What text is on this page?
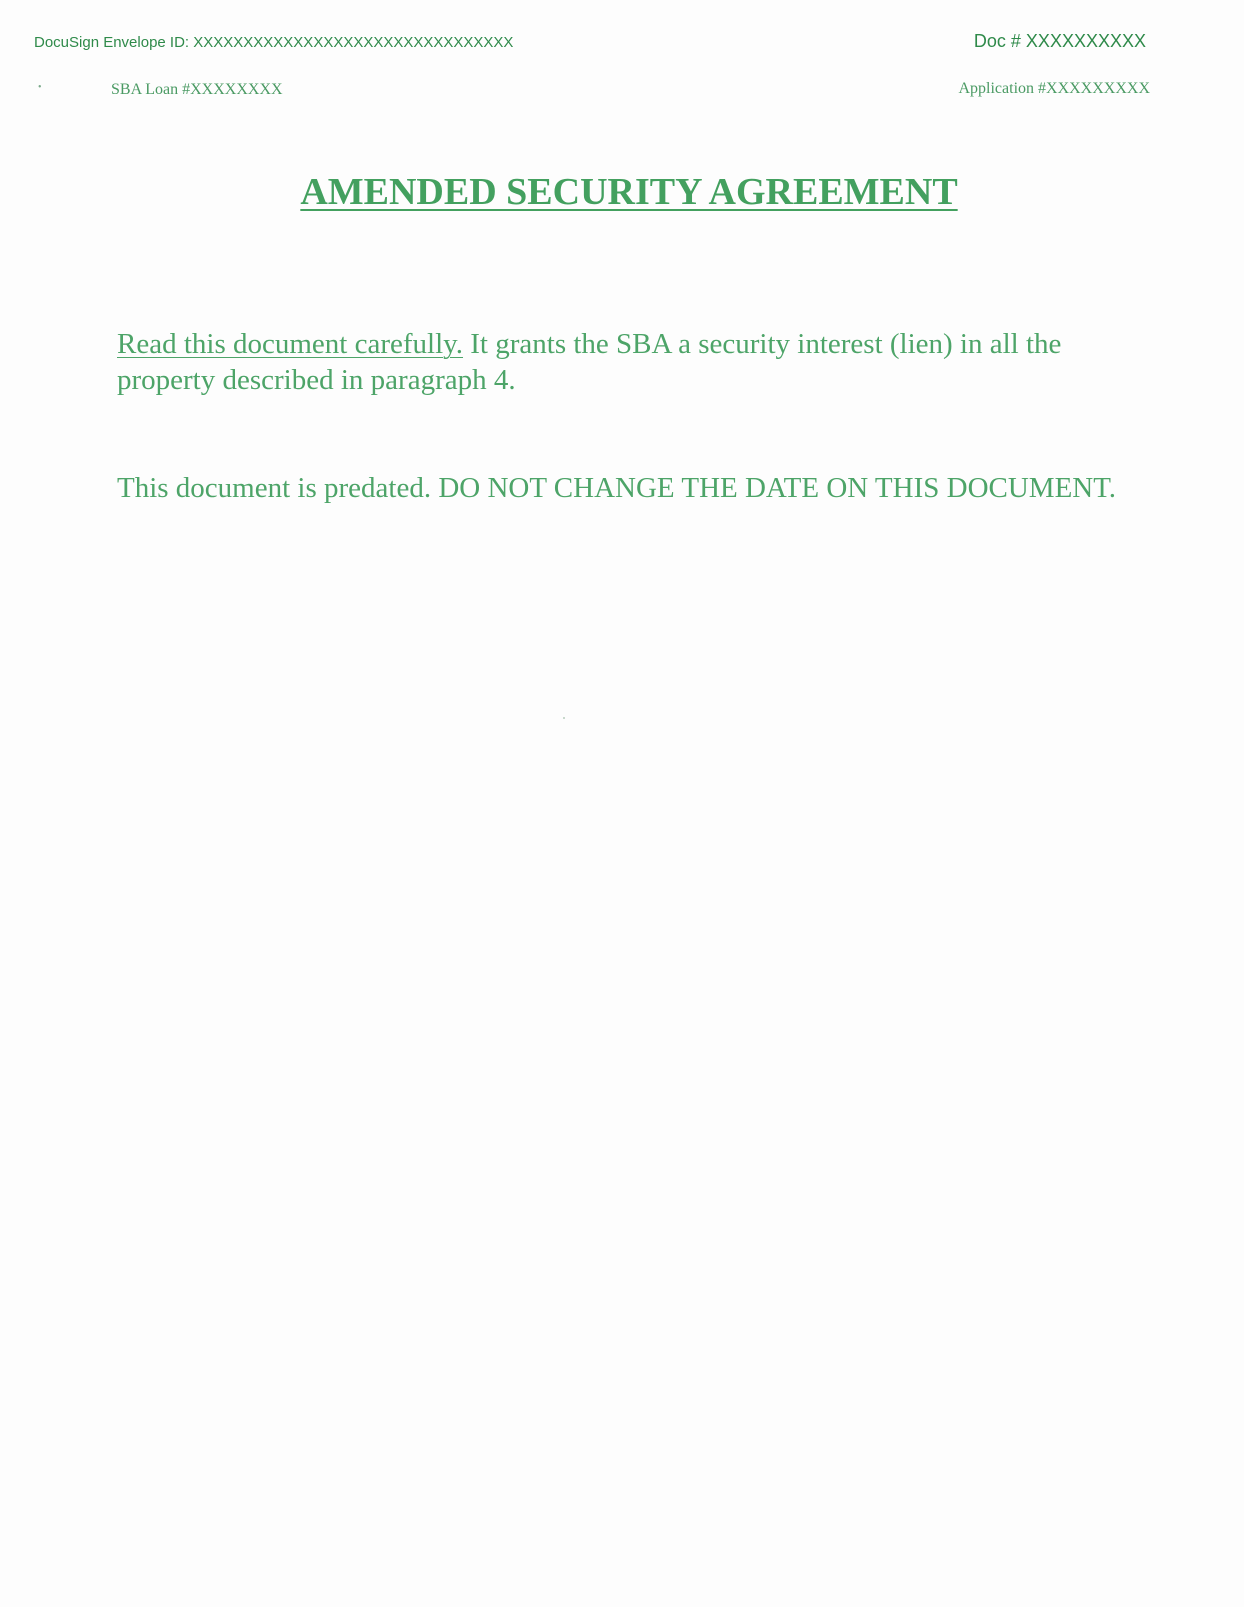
DocuSign Envelope ID: XXXXXXXXXXXXXXXXXXXXXXXXXXXXXXXX	Doc # XXXXXXXXXX
•	SBA Loan #XXXXXXXX	Application #XXXXXXXXX
AMENDED SECURITY AGREEMENT
Read this document carefully. It grants the SBA a security interest (lien) in all the property described in paragraph 4.
This document is predated. DO NOT CHANGE THE DATE ON THIS DOCUMENT.
